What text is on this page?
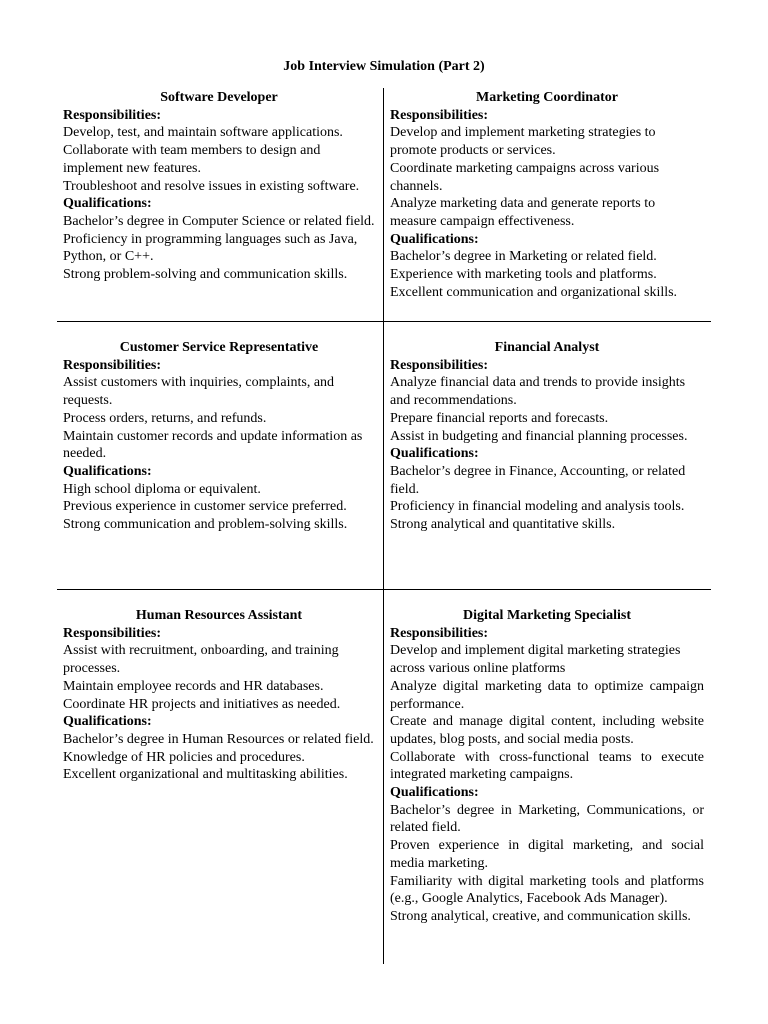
Job Interview Simulation (Part 2)
Software Developer
Responsibilities:
Develop, test, and maintain software applications.
Collaborate with team members to design and implement new features.
Troubleshoot and resolve issues in existing software.
Qualifications:
Bachelor’s degree in Computer Science or related field.
Proficiency in programming languages such as Java, Python, or C++.
Strong problem-solving and communication skills.
Marketing Coordinator
Responsibilities:
Develop and implement marketing strategies to promote products or services.
Coordinate marketing campaigns across various channels.
Analyze marketing data and generate reports to measure campaign effectiveness.
Qualifications:
Bachelor’s degree in Marketing or related field.
Experience with marketing tools and platforms.
Excellent communication and organizational skills.
Customer Service Representative
Responsibilities:
Assist customers with inquiries, complaints, and requests.
Process orders, returns, and refunds.
Maintain customer records and update information as needed.
Qualifications:
High school diploma or equivalent.
Previous experience in customer service preferred.
Strong communication and problem-solving skills.
Financial Analyst
Responsibilities:
Analyze financial data and trends to provide insights and recommendations.
Prepare financial reports and forecasts.
Assist in budgeting and financial planning processes.
Qualifications:
Bachelor’s degree in Finance, Accounting, or related field.
Proficiency in financial modeling and analysis tools.
Strong analytical and quantitative skills.
Human Resources Assistant
Responsibilities:
Assist with recruitment, onboarding, and training processes.
Maintain employee records and HR databases.
Coordinate HR projects and initiatives as needed.
Qualifications:
Bachelor’s degree in Human Resources or related field.
Knowledge of HR policies and procedures.
Excellent organizational and multitasking abilities.
Digital Marketing Specialist
Responsibilities:
Develop and implement digital marketing strategies across various online platforms
Analyze digital marketing data to optimize campaign performance.
Create and manage digital content, including website updates, blog posts, and social media posts.
Collaborate with cross-functional teams to execute integrated marketing campaigns.
Qualifications:
Bachelor’s degree in Marketing, Communications, or related field.
Proven experience in digital marketing, and social media marketing.
Familiarity with digital marketing tools and platforms (e.g., Google Analytics, Facebook Ads Manager).
Strong analytical, creative, and communication skills.
